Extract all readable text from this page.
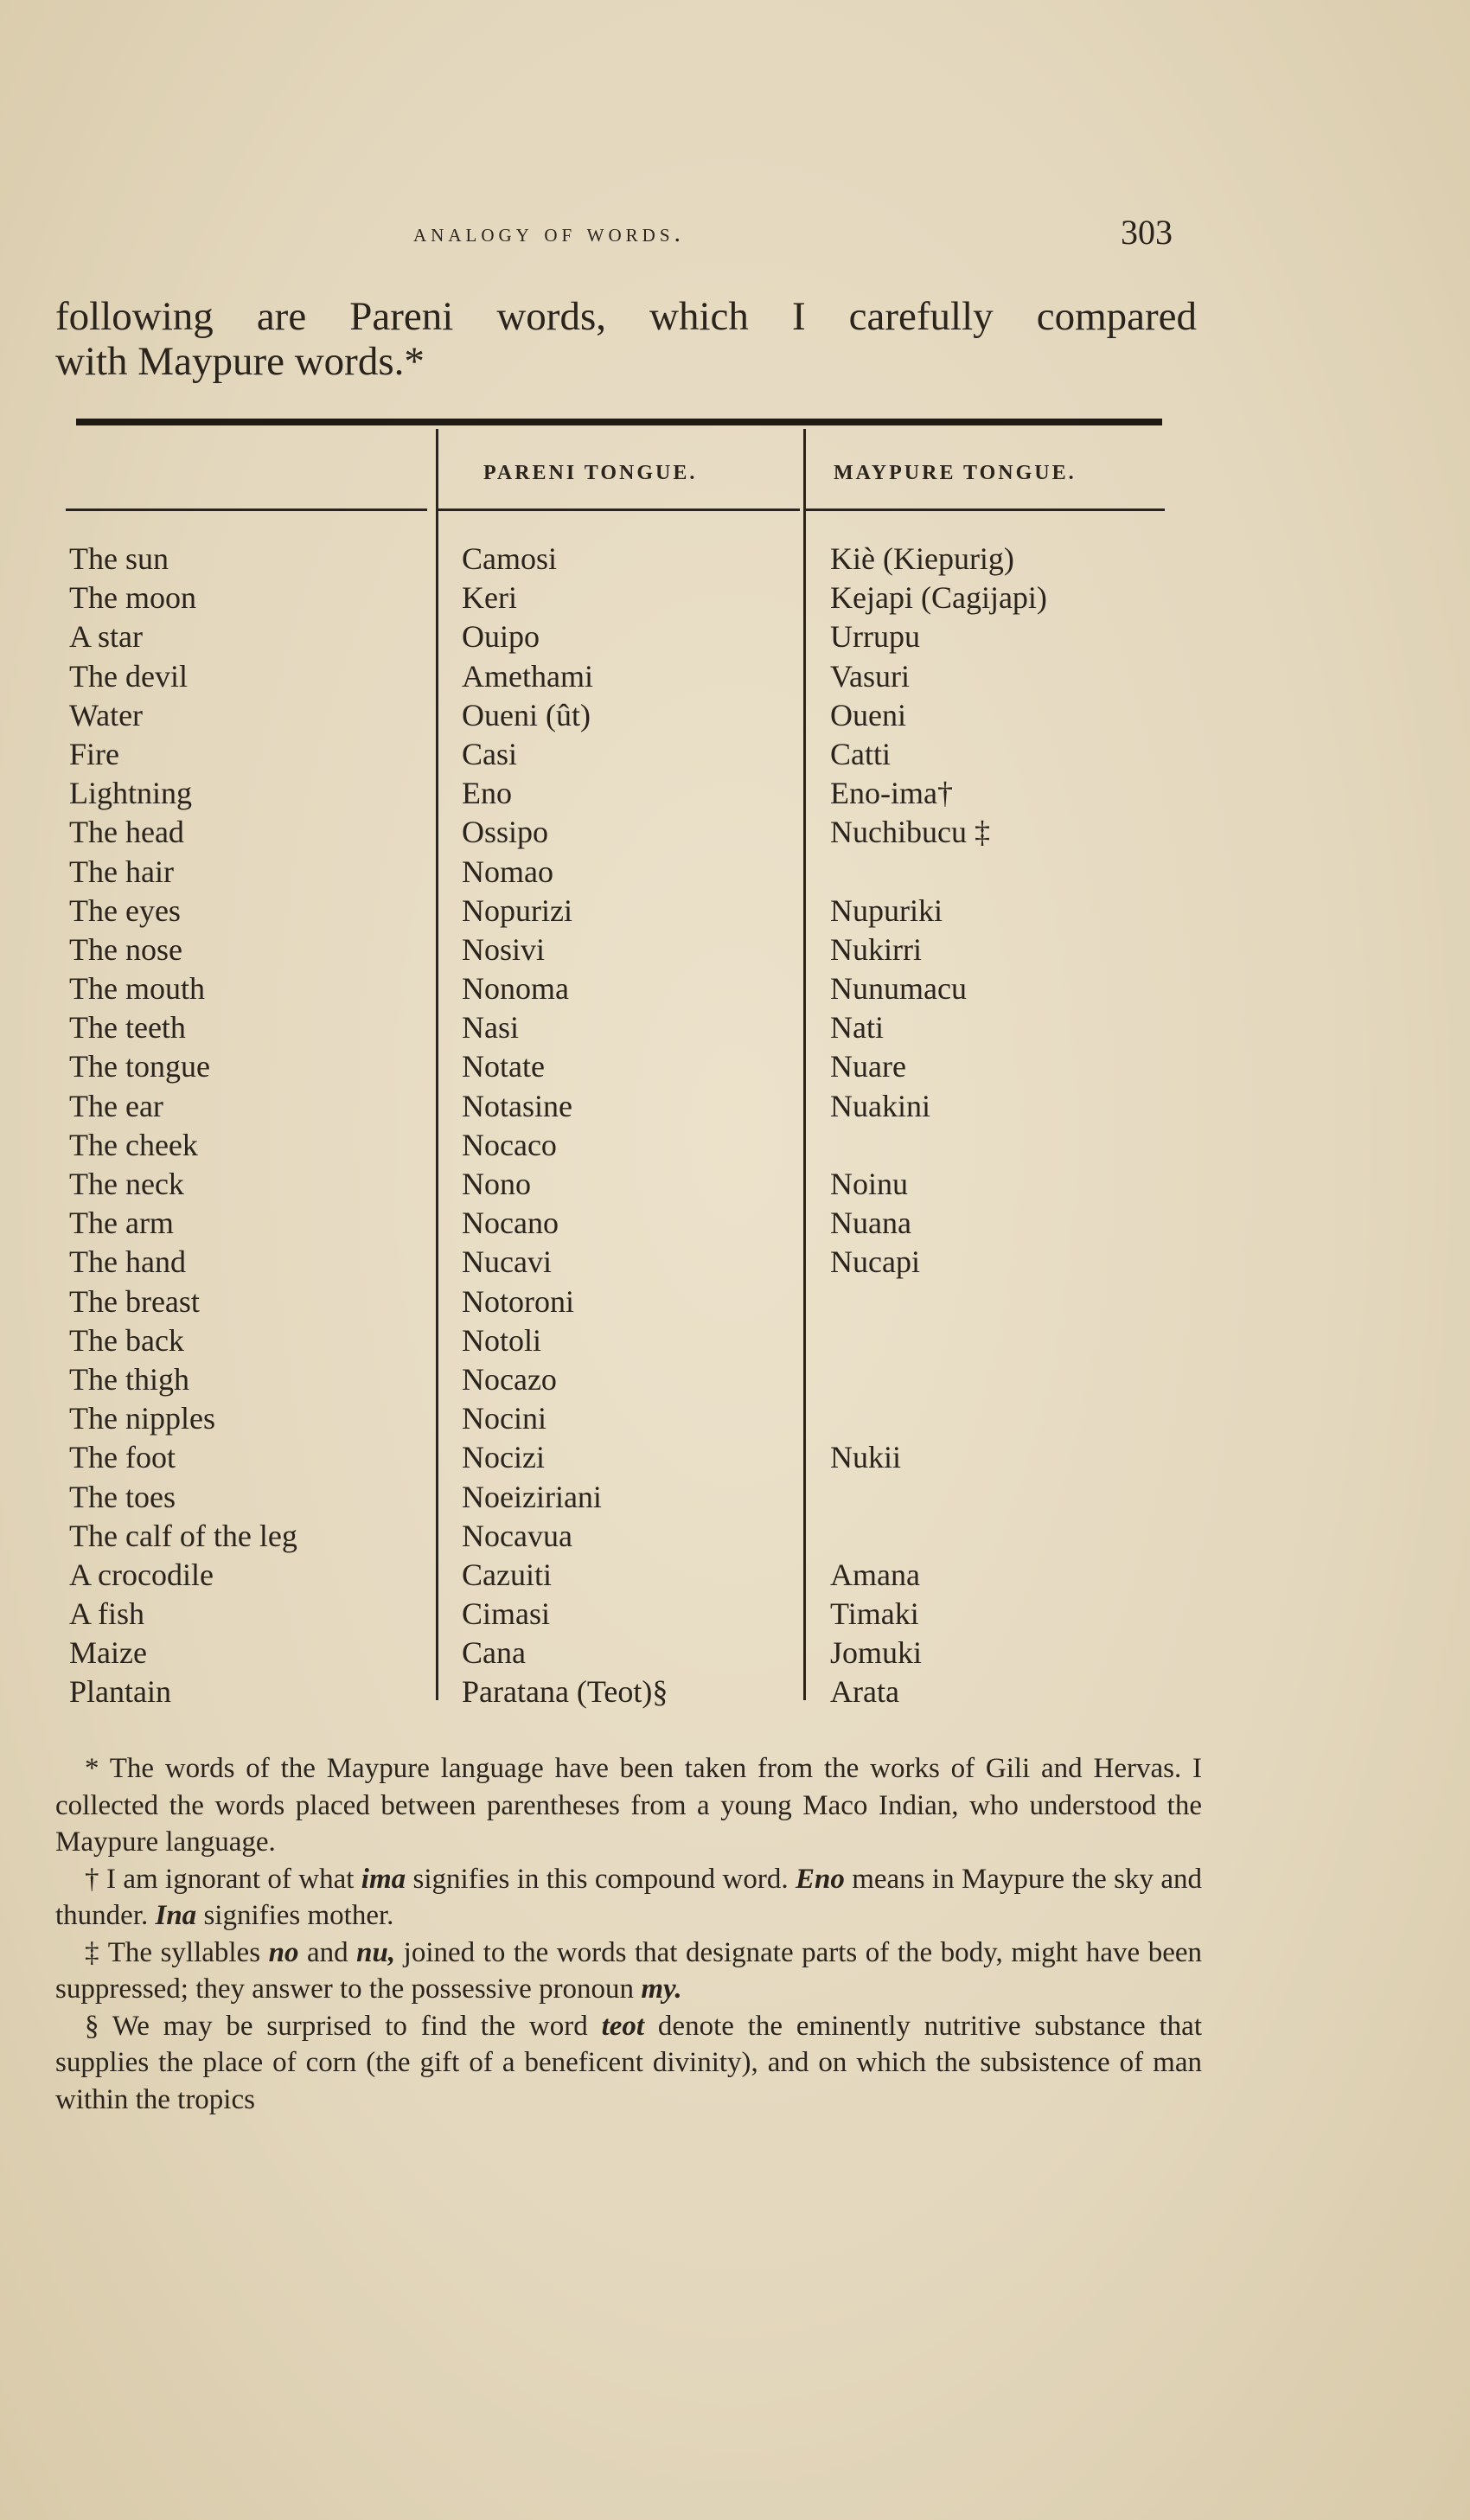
analogy of words.	303

following are Pareni words, which I carefully compared

with Maypure words.*

PARENI TONGUE.	MAYPURE TONGUE.
The sun	Camosi	Kiè (Kiepurig)
The moon	Keri	Kejapi (Cagijapi)
A star	Ouipo	Urrupu
The devil	Amethami	Vasuri
Water	Oueni (ût)	Oueni
Fire	Casi	Catti
Lightning	Eno	Eno-ima†
The head	Ossipo	Nuchibucu ‡
The hair	Nomao
The eyes	Nopurizi	Nupuriki
The nose	Nosivi	Nukirri
The mouth	Nonoma	Nunumacu
The teeth	Nasi	Nati
The tongue	Notate	Nuare
The ear	Notasine	Nuakini
The cheek	Nocaco
The neck	Nono	Noinu
The arm	Nocano	Nuana
The hand	Nucavi	Nucapi
The breast	Notoroni
The back	Notoli
The thigh	Nocazo
The nipples	Nocini
The foot	Nocizi	Nukii
The toes	Noeiziriani
The calf of the leg	Nocavua
A crocodile	Cazuiti	Amana
A fish	Cimasi	Timaki
Maize	Cana	Jomuki
Plantain	Paratana (Teot)§	Arata

* The words of the Maypure language have been taken from the works of Gili and Hervas. I collected the words placed between parentheses from a young Maco Indian, who understood the Maypure language.

† I am ignorant of what ima signifies in this compound word. Eno means in Maypure the sky and thunder. Ina signifies mother.

‡ The syllables no and nu, joined to the words that designate parts of the body, might have been suppressed; they answer to the possessive pronoun my.

§ We may be surprised to find the word teot denote the eminently nutritive substance that supplies the place of corn (the gift of a beneficent divinity), and on which the subsistence of man within the tropics
